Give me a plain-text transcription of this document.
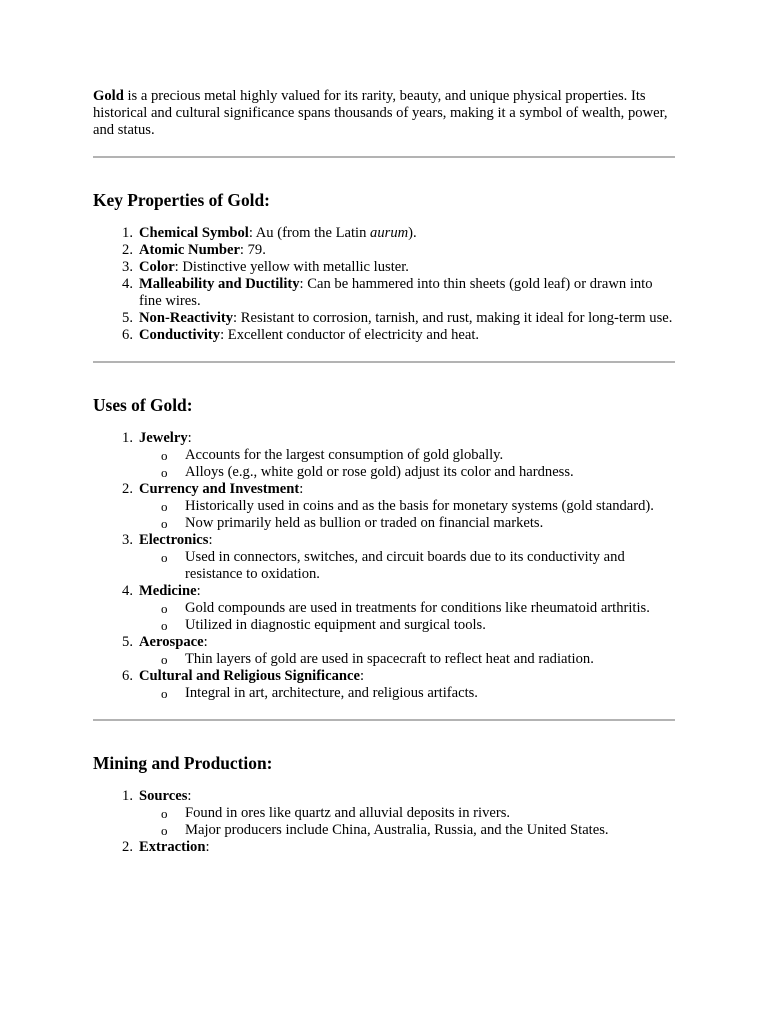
Gold is a precious metal highly valued for its rarity, beauty, and unique physical properties. Its historical and cultural significance spans thousands of years, making it a symbol of wealth, power, and status.

Key Properties of Gold:
Chemical Symbol: Au (from the Latin aurum).
Atomic Number: 79.
Color: Distinctive yellow with metallic luster.
Malleability and Ductility: Can be hammered into thin sheets (gold leaf) or drawn into fine wires.
Non-Reactivity: Resistant to corrosion, tarnish, and rust, making it ideal for long-term use.
Conductivity: Excellent conductor of electricity and heat.
Uses of Gold:
Jewelry:
o Accounts for the largest consumption of gold globally.
o Alloys (e.g., white gold or rose gold) adjust its color and hardness.
Currency and Investment:
o Historically used in coins and as the basis for monetary systems (gold standard).
o Now primarily held as bullion or traded on financial markets.
Electronics:
o Used in connectors, switches, and circuit boards due to its conductivity and resistance to oxidation.
Medicine:
o Gold compounds are used in treatments for conditions like rheumatoid arthritis.
o Utilized in diagnostic equipment and surgical tools.
Aerospace:
o Thin layers of gold are used in spacecraft to reflect heat and radiation.
Cultural and Religious Significance:
o Integral in art, architecture, and religious artifacts.
Mining and Production:
Sources:
o Found in ores like quartz and alluvial deposits in rivers.
o Major producers include China, Australia, Russia, and the United States.
Extraction:
